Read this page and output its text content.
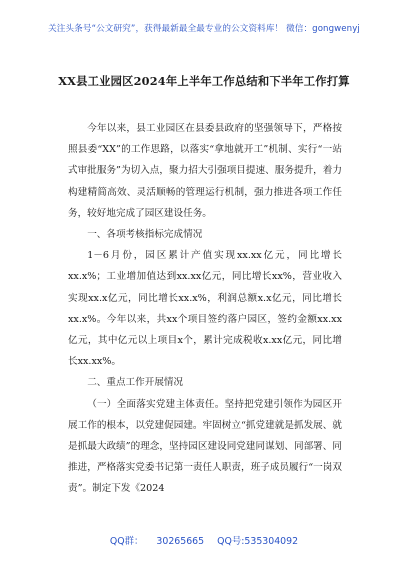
关注头条号“公文研究”，获得最新最全最专业的公文资料库！ 微信：gongwenyj
XX县工业园区2024年上半年工作总结和下半年工作打算

今年以来，县工业园区在县委县政府的坚强领导下，严格按照县委“XX”的工作思路，以落实“拿地就开工”机制、实行“一站式审批服务”为切入点，聚力招大引强项目提速、服务提升，着力构建精简高效、灵活顺畅的管理运行机制，强力推进各项工作任务，较好地完成了园区建设任务。

一、各项考核指标完成情况

1－6月份，园区累计产值实现xx.xx亿元，同比增长xx.x%；工业增加值达到xx.xx亿元，同比增长xx%，营业收入实现xx.x亿元，同比增长xx.x%，利润总额x.x亿元，同比增长xx.x%。今年以来，共xx个项目签约落户园区，签约金额xx.xx亿元，其中亿元以上项目x个，累计完成税收x.xx亿元，同比增长xx.xx%。

二、重点工作开展情况

（一）全面落实党建主体责任。坚持把党建引领作为园区开展工作的根本，以党建促园建。牢固树立“抓党建就是抓发展、就是抓最大政绩”的理念，坚持园区建设同党建同谋划、同部署、同推进，严格落实党委书记第一责任人职责，班子成员履行“一岗双责”。制定下发《2024

QQ群： 30265665 QQ号:535304092
